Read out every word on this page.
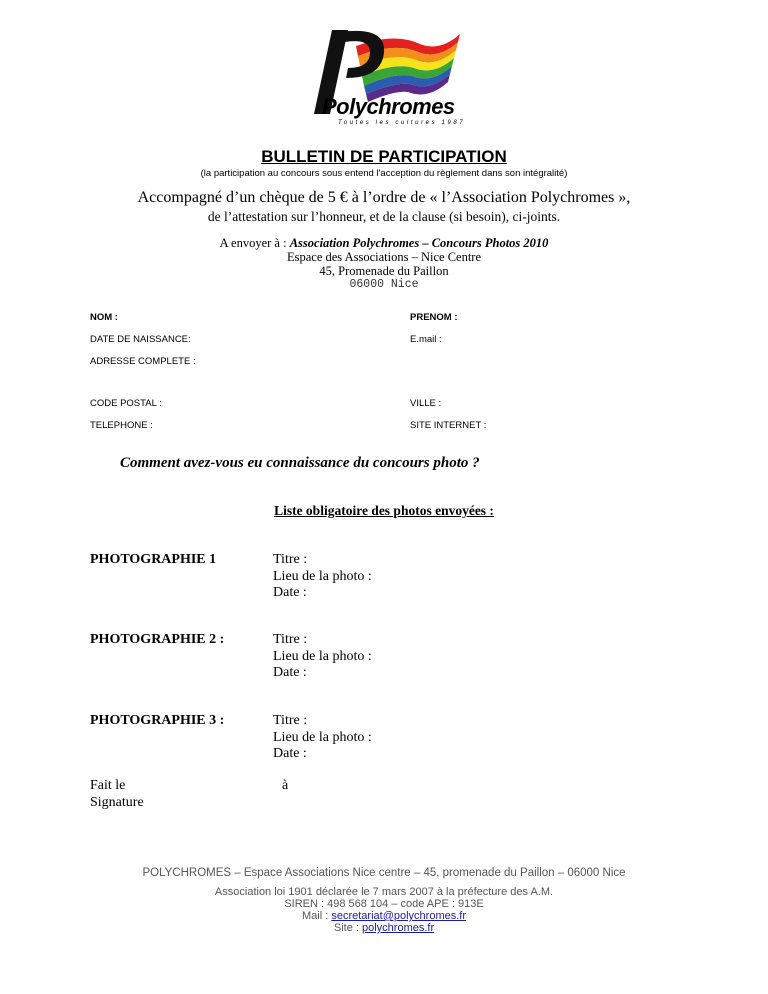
Polychromes
Toutes les cultures 1987
BULLETIN DE PARTICIPATION
(la participation au concours sous entend l'acception du règlement dans son intégralité)
Accompagné d’un chèque de 5 € à l’ordre de « l’Association Polychromes »,
de l’attestation sur l’honneur, et de la clause (si besoin), ci-joints.
A envoyer à : Association Polychromes – Concours Photos 2010
Espace des Associations – Nice Centre
45, Promenade du Paillon
06000 Nice
NOM :	PRENOM :
DATE DE NAISSANCE:	E.mail :
ADRESSE COMPLETE :
CODE POSTAL :	VILLE :
TELEPHONE :	SITE INTERNET :
Comment avez-vous eu connaissance du concours photo ?
Liste obligatoire des photos envoyées :
PHOTOGRAPHIE 1	Titre :
Lieu de la photo :
Date :
PHOTOGRAPHIE 2 :	Titre :
Lieu de la photo :
Date :
PHOTOGRAPHIE 3 :	Titre :
Lieu de la photo :
Date :
Fait le
Signature
à
POLYCHROMES – Espace Associations Nice centre – 45, promenade du Paillon – 06000 Nice
Association loi 1901 déclarée le 7 mars 2007 à la préfecture des A.M.
SIREN : 498 568 104 – code APE : 913E
Mail : secretariat@polychromes.fr
Site : polychromes.fr
